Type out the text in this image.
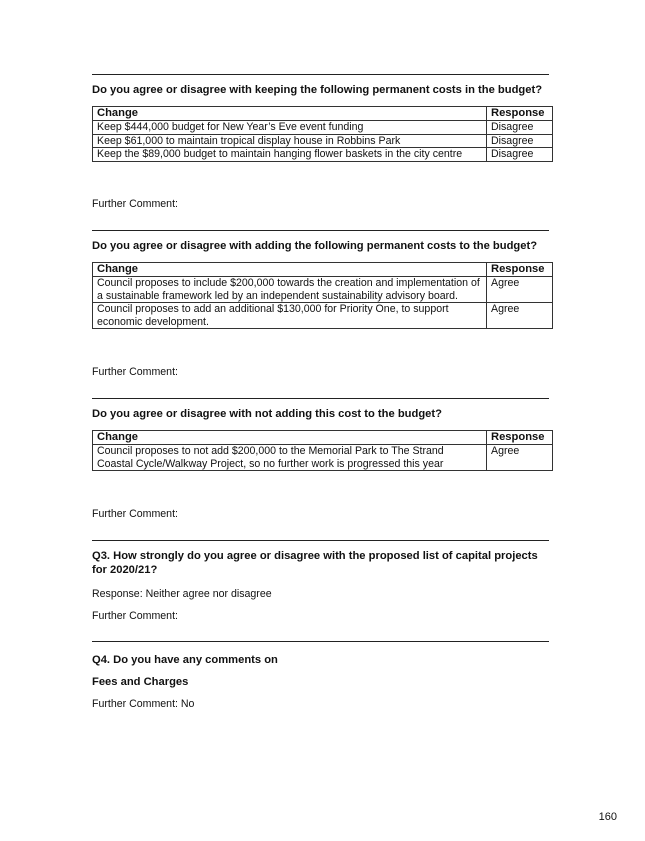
Do you agree or disagree with keeping the following permanent costs in the budget?
Change	Response
Keep $444,000 budget for New Year’s Eve event funding	Disagree
Keep $61,000 to maintain tropical display house in Robbins Park	Disagree
Keep the $89,000 budget to maintain hanging flower baskets in the city centre	Disagree
Further Comment:
Do you agree or disagree with adding the following permanent costs to the budget?
Change	Response
Council proposes to include $200,000 towards the creation and implementation of a sustainable framework led by an independent sustainability advisory board.	Agree
Council proposes to add an additional $130,000 for Priority One, to support economic development.	Agree
Further Comment:
Do you agree or disagree with not adding this cost to the budget?
Change	Response
Council proposes to not add $200,000 to the Memorial Park to The Strand Coastal Cycle/Walkway Project, so no further work is progressed this year	Agree
Further Comment:
Q3. How strongly do you agree or disagree with the proposed list of capital projects for 2020/21?
Response: Neither agree nor disagree
Further Comment:
Q4. Do you have any comments on
Fees and Charges
Further Comment: No
160
